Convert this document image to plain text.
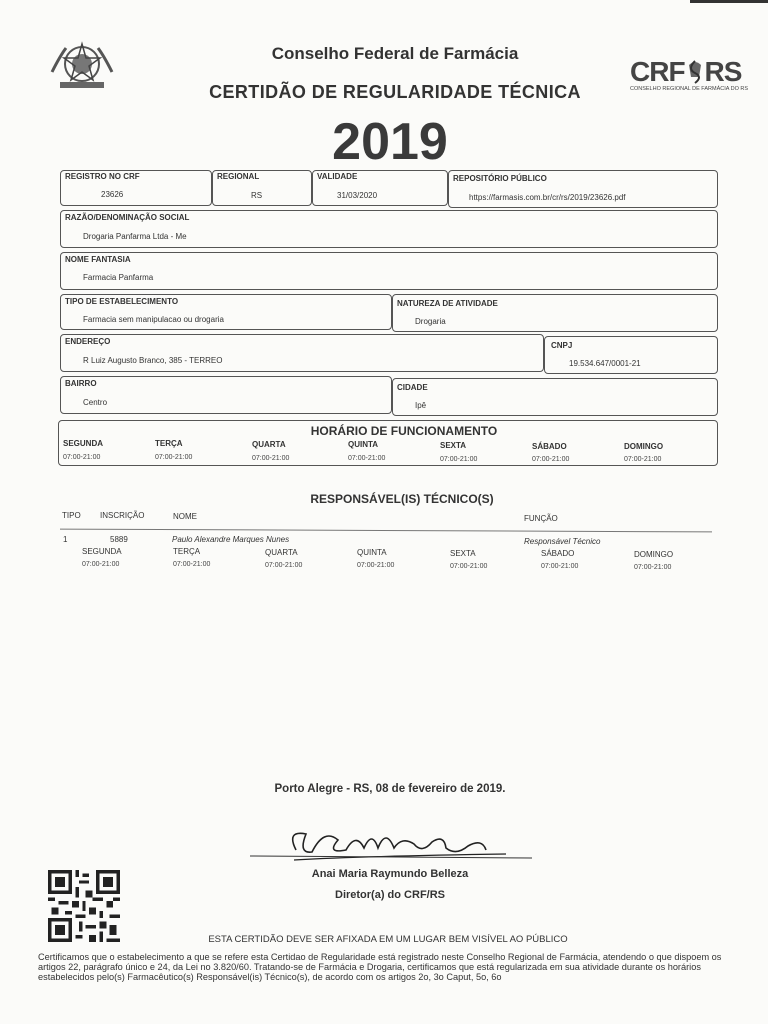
Conselho Federal de Farmácia
CERTIDÃO DE REGULARIDADE TÉCNICA
CRF RS
CONSELHO REGIONAL DE FARMÁCIA DO RS
2019
REGISTRO NO CRF
23626
REGIONAL
RS
VALIDADE
31/03/2020
REPOSITÓRIO PÚBLICO
https://farmasis.com.br/cr/rs/2019/23626.pdf
RAZÃO/DENOMINAÇÃO SOCIAL
Drogaria Panfarma Ltda - Me
NOME FANTASIA
Farmacia Panfarma
TIPO DE ESTABELECIMENTO
Farmacia sem manipulacao ou drogaria
NATUREZA DE ATIVIDADE
Drogaria
ENDEREÇO
R Luiz Augusto Branco, 385 - TERREO
CNPJ
19.534.647/0001-21
BAIRRO
Centro
CIDADE
Ipê
HORÁRIO DE FUNCIONAMENTO
SEGUNDA	TERÇA	QUARTA	QUINTA	SEXTA	SÁBADO	DOMINGO
07:00-21:00	07:00-21:00	07:00-21:00	07:00-21:00	07:00-21:00	07:00-21:00	07:00-21:00
RESPONSÁVEL(IS) TÉCNICO(S)
TIPO INSCRIÇÃO	NOME	FUNÇÃO
1	5889	Paulo Alexandre Marques Nunes	Responsável Técnico
SEGUNDA	TERÇA	QUARTA	QUINTA	SEXTA	SÁBADO	DOMINGO
07:00-21:00	07:00-21:00	07:00-21:00	07:00-21:00	07:00-21:00	07:00-21:00	07:00-21:00
Porto Alegre - RS, 08 de fevereiro de 2019.
Anai Maria Raymundo Belleza
Diretor(a) do CRF/RS
ESTA CERTIDÃO DEVE SER AFIXADA EM UM LUGAR BEM VISÍVEL AO PÚBLICO
Certificamos que o estabelecimento a que se refere esta Certidao de Regularidade está registrado neste Conselho Regional de Farmácia, atendendo o que dispoem os artigos 22, parágrafo único e 24, da Lei no 3.820/60. Tratando-se de Farmácia e Drogaria, certificamos que está regularizada em sua atividade durante os horários estabelecidos pelo(s) Farmacêutico(s) Responsável(is) Técnico(s), de acordo com os artigos 2o, 3o Caput, 5o, 6o
